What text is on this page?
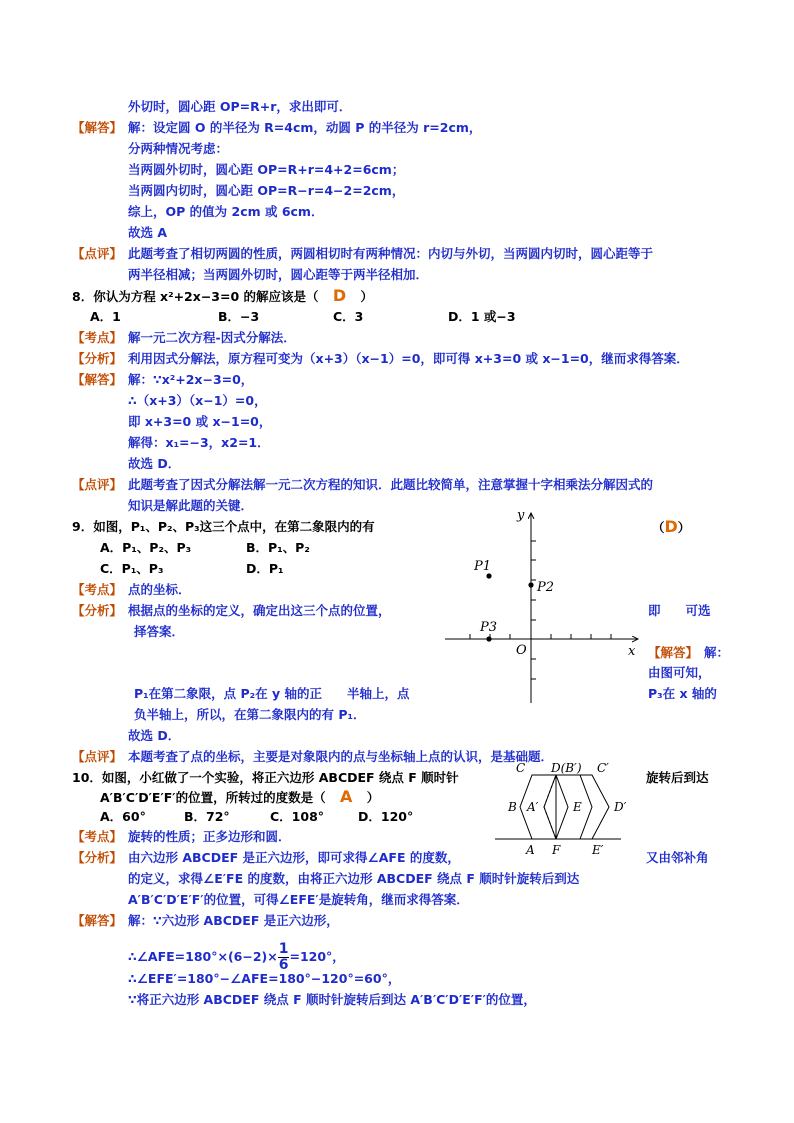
外切时，圆心距 OP=R+r，求出即可．
【解答】 解：设定圆 O 的半径为 R=4cm，动圆 P 的半径为 r=2cm，
分两种情况考虑：
当两圆外切时，圆心距 OP=R+r=4+2=6cm；
当两圆内切时，圆心距 OP=R−r=4−2=2cm，
综上，OP 的值为 2cm 或 6cm．
故选 A
【点评】 此题考查了相切两圆的性质，两圆相切时有两种情况：内切与外切，当两圆内切时，圆心距等于
两半径相减；当两圆外切时，圆心距等于两半径相加．
8．你认为方程 x²+2x−3=0 的解应该是（ D ）
A．1	B．−3	C．3	D．1 或−3
【考点】 解一元二次方程-因式分解法．
【分析】 利用因式分解法，原方程可变为（x+3）（x−1）=0，即可得 x+3=0 或 x−1=0，继而求得答案．
【解答】 解：∵x²+2x−3=0，
∴（x+3）（x−1）=0，
即 x+3=0 或 x−1=0，
解得：x₁=−3，x2=1．
故选 D．
【点评】 此题考查了因式分解法解一元二次方程的知识．此题比较简单，注意掌握十字相乘法分解因式的
知识是解此题的关键．
9．如图，P₁、P₂、P₃这三个点中，在第二象限内的有	（D）
A．P₁、P₂、P₃	B．P₁、P₂
C．P₁、P₃	D．P₁
【考点】 点的坐标．
【分析】 根据点的坐标的定义，确定出这三个点的位置，	即　　可选
择答案．
【解答】 解：
由图可知，
P₁在第二象限，点 P₂在 y 轴的正　　半轴上，点	P₃在 x 轴的
负半轴上，所以，在第二象限内的有 P₁．
故选 D．
【点评】 本题考查了点的坐标，主要是对象限内的点与坐标轴上点的认识，是基础题．
y
x
O
P1
P2
P3
10．如图，小红做了一个实验，将正六边形 ABCDEF 绕点 F 顺时针	旋转后到达
A′B′C′D′E′F′的位置，所转过的度数是（ A ）
A．60°	B．72°	C．108°	D．120°
【考点】 旋转的性质；正多边形和圆．
【分析】 由六边形 ABCDEF 是正六边形，即可求得∠AFE 的度数，	又由邻补角
的定义，求得∠E′FE 的度数，由将正六边形 ABCDEF 绕点 F 顺时针旋转后到达
A′B′C′D′E′F′的位置，可得∠EFE′是旋转角，继而求得答案．
【解答】 解：∵六边形 ABCDEF 是正六边形，
∴∠AFE=180°×(6−2)× $\frac{1}{6} =120^\circ$，
∴∠EFE′=180°−∠AFE=180°−120°=60°，
∵将正六边形 ABCDEF 绕点 F 顺时针旋转后到达 A′B′C′D′E′F′的位置，
C D(B′) C′
B A′	E	D′
A F	E′
